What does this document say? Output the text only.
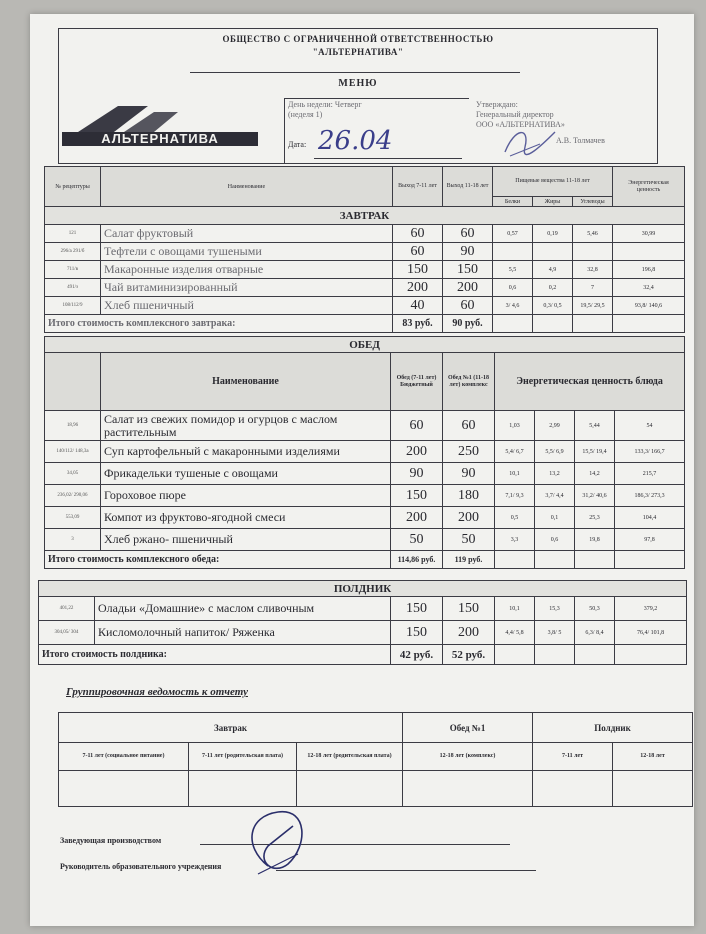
ОБЩЕСТВО С ОГРАНИЧЕННОЙ ОТВЕТСТВЕННОСТЬЮ
"АЛЬТЕРНАТИВА"
МЕНЮ
АЛЬТЕРНАТИВА
День недели: Четверг
(неделя 1)
Дата: 26.04
Утверждаю:
Генеральный директор
ООО «АЛЬТЕРНАТИВА»
А.В. Толмачев
№ рецептуры	Наименование	Выход 7-11 лет	Выход 11-18 лет	Пищевые вещества 11-18 лет			Энергетическая ценность
				Белки	Жиры	Углеводы	
ЗАВТРАК							
121	Салат фруктовый	60	60	0,57	0,19	5,46	30,99
296/а 291/б	Тефтели с овощами тушеными	60	90				
711/в	Макаронные изделия отварные	150	150	5,5	4,9	32,8	196,8
491/з	Чай витаминизированный	200	200	0,6	0,2	7	32,4
108/112/9	Хлеб пшеничный	40	60	3/ 4,6	0,3/ 0,5	19,5/ 29,5	93,8/ 140,6
Итого стоимость комплексного завтрака:		83 руб.	90 руб.				
ОБЕД							
	Наименование	Обед (7-11 лет) Бюджетный	Обед №1 (11-18 лет) комплекс	Энергетическая ценность блюда			
18,96	Салат из свежих помидор и огурцов с маслом растительным	60	60	1,03	2,99	5,44	54
140/112/ 148,3а	Суп картофельный с макаронными изделиями	200	250	5,4/ 6,7	5,5/ 6,9	15,5/ 19,4	133,3/ 166,7
34,05	Фрикадельки тушеные с овощами	90	90	10,1	13,2	14,2	215,7
236,02/ 290,06	Гороховое пюре	150	180	7,1/ 9,3	3,7/ 4,4	31,2/ 40,6	186,3/ 273,3
553,09	Компот из фруктово-ягодной смеси	200	200	0,5	0,1	25,3	104,4
3	Хлеб ржано- пшеничный	50	50	3,3	0,6	19,8	97,8
Итого стоимость комплексного обеда:		114,86 руб.	119 руб.				
ПОЛДНИК							
401,22	Оладьи «Домашние» с маслом сливочным	150	150	10,1	15,3	50,3	379,2
304,05/ 304	Кисломолочный напиток/ Ряженка	150	200	4,4/ 5,8	3,8/ 5	6,3/ 8,4	76,4/ 101,8
Итого стоимость полдника:		42 руб.	52 руб.				
Группировочная ведомость к отчету
Завтрак			Обед №1	Полдник	
7-11 лет (социальное питание)	7-11 лет (родительская плата)	12-18 лет (родительская плата)	12-18 лет (комплекс)	7-11 лет	12-18 лет

Заведующая производством
Руководитель образовательного учреждения
